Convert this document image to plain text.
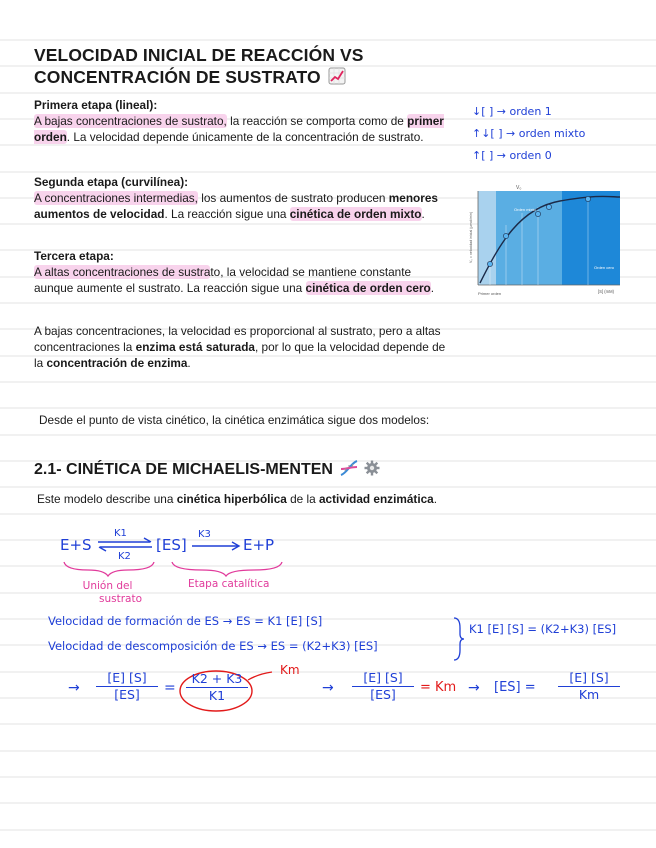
VELOCIDAD INICIAL DE REACCIÓN VS
CONCENTRACIÓN DE SUSTRATO
Primera etapa (lineal):
A bajas concentraciones de sustrato, la reacción se comporta como de primer orden. La velocidad depende únicamente de la concentración de sustrato.
Segunda etapa (curvilínea):
A concentraciones intermedias, los aumentos de sustrato producen menores aumentos de velocidad. La reacción sigue una cinética de orden mixto.
Tercera etapa:
A altas concentraciones de sustrato, la velocidad se mantiene constante aunque aumente el sustrato. La reacción sigue una cinética de orden cero.
A bajas concentraciones, la velocidad es proporcional al sustrato, pero a altas concentraciones la enzima está saturada, por lo que la velocidad depende de la concentración de enzima.
↓[ ] → orden 1
↑↓[ ] → orden mixto
↑[ ] → orden 0
V₀
V₀ = velocidad inicial (μmol/min)
Orden mixto
Orden cero
Primer orden	[S] (mM)
Desde el punto de vista cinético, la cinética enzimática sigue dos modelos:
2.1- CINÉTICA DE MICHAELIS-MENTEN
Este modelo describe una cinética hiperbólica de la actividad enzimática.
E+S ⇌
K1
K2
[ES]
K3
E+P
Unión del
sustrato
Etapa catalítica
Velocidad de formación de ES → ES = K1 [E] [S]
Velocidad de descomposición de ES → ES = (K2+K3) [ES]
K1 [E] [S] = (K2+K3) [ES]
→ $\frac{[E] [S]}{[ES]} = \frac{K2 + K3}{K1}$
Km
→ $\frac{[E] [S]}{[ES]} = Km \to [ES] = \frac{[E] [S]}{Km}$
